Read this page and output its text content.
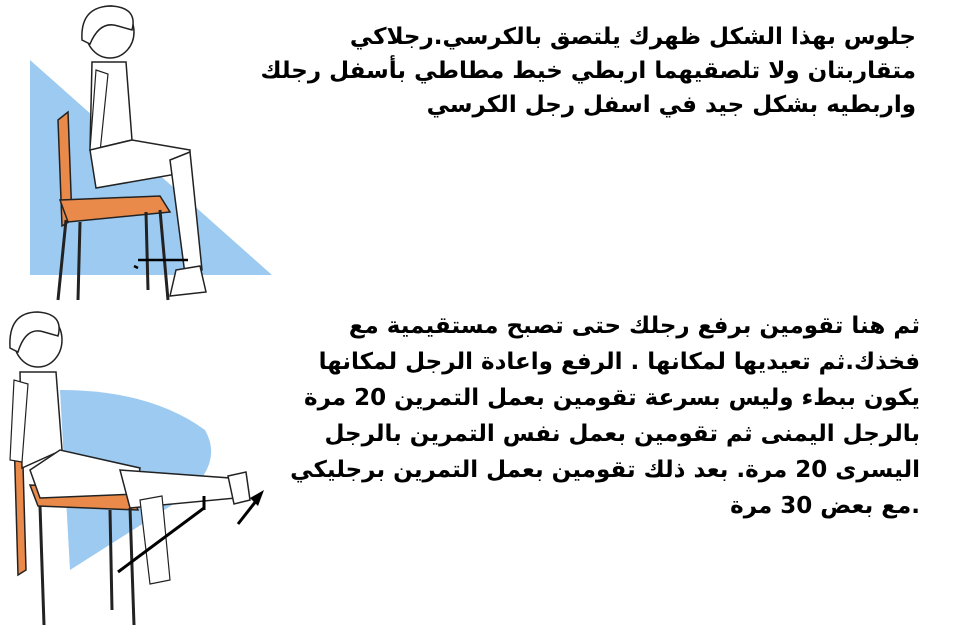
جلوس بهذا الشكل ظهرك يلتصق بالكرسي.رجلاكي
متقاربتان ولا تلصقيهما اربطي خيط مطاطي بأسفل رجلك
واربطيه بشكل جيد في اسفل رجل الكرسي
ثم هنا تقومين برفع رجلك حتى تصبح مستقيمية مع
فخذك.ثم تعيديها لمكانها . الرفع واعادة الرجل لمكانها
يكون ببطء وليس بسرعة تقومين بعمل التمرين 20 مرة
بالرجل اليمنى ثم تقومين بعمل نفس التمرين بالرجل
اليسرى 20 مرة. بعد ذلك تقومين بعمل التمرين برجليكي
.مع بعض 30 مرة
